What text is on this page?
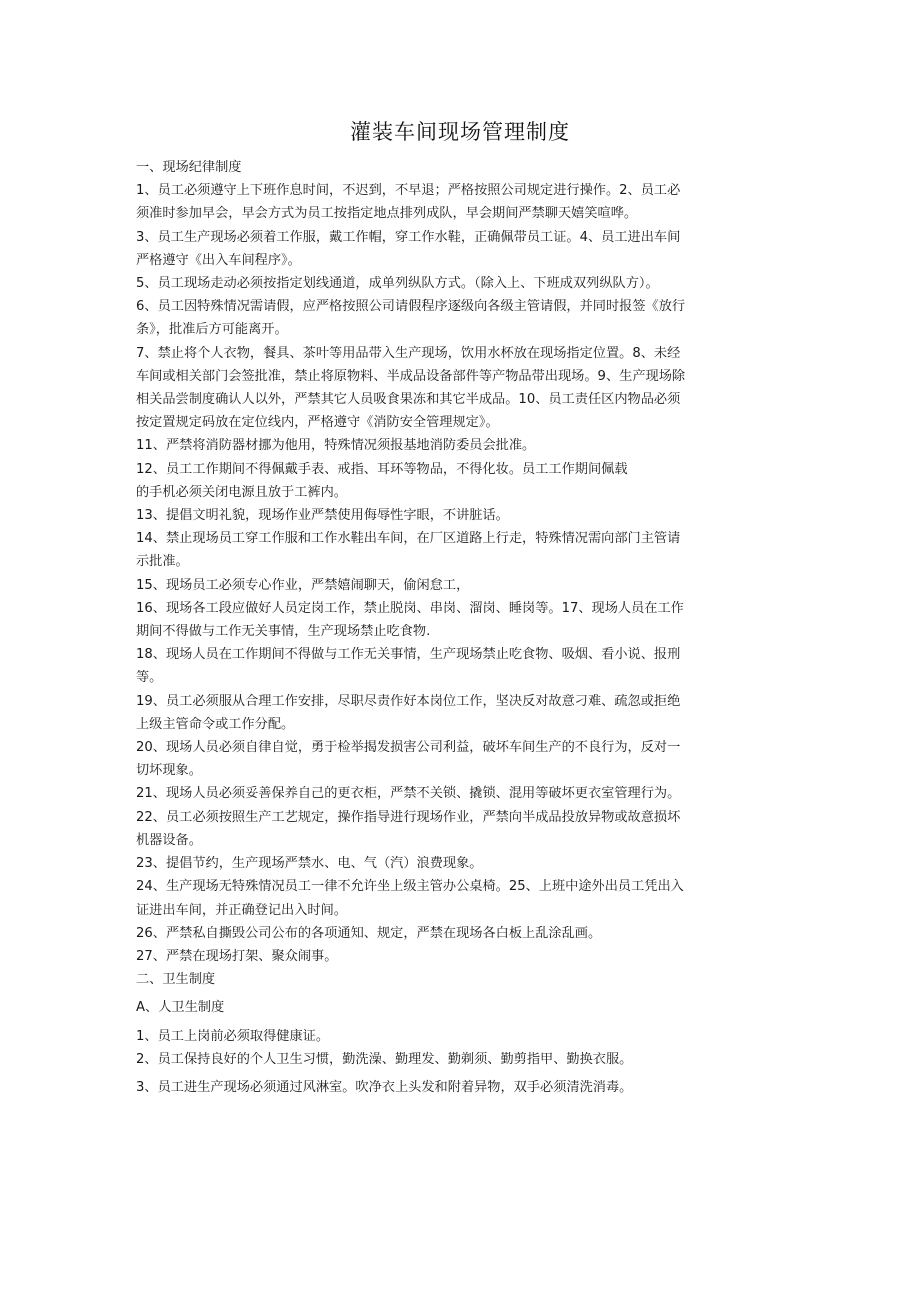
灌装车间现场管理制度
一、现场纪律制度
1、员工必须遵守上下班作息时间，不迟到，不早退；严格按照公司规定进行操作。2、员工必
须准时参加早会，早会方式为员工按指定地点排列成队，早会期间严禁聊天嬉笑喧哗。
3、员工生产现场必须着工作服，戴工作帽，穿工作水鞋，正确佩带员工证。4、员工进出车间
严格遵守《出入车间程序》。
5、员工现场走动必须按指定划线通道，成单列纵队方式。（除入上、下班成双列纵队方）。
6、员工因特殊情况需请假，应严格按照公司请假程序逐级向各级主管请假，并同时报签《放行
条》，批准后方可能离开。
7、禁止将个人衣物，餐具、茶叶等用品带入生产现场，饮用水杯放在现场指定位置。8、未经
车间或相关部门会签批准，禁止将原物料、半成品设备部件等产物品带出现场。9、生产现场除
相关品尝制度确认人以外，严禁其它人员吸食果冻和其它半成品。10、员工责任区内物品必须
按定置规定码放在定位线内，严格遵守《消防安全管理规定》。
11、严禁将消防器材挪为他用，特殊情况须报基地消防委员会批准。
12、员工工作期间不得佩戴手表、戒指、耳环等物品，不得化妆。员工工作期间佩载
的手机必须关闭电源且放于工裤内。
13、提倡文明礼貌，现场作业严禁使用侮辱性字眼，不讲脏话。
14、禁止现场员工穿工作服和工作水鞋出车间，在厂区道路上行走，特殊情况需向部门主管请
示批准。
15、现场员工必须专心作业，严禁嬉闹聊天，偷闲怠工，
16、现场各工段应做好人员定岗工作，禁止脱岗、串岗、溜岗、睡岗等。17、现场人员在工作
期间不得做与工作无关事情，生产现场禁止吃食物.
18、现场人员在工作期间不得做与工作无关事情，生产现场禁止吃食物、吸烟、看小说、报刑
等。
19、员工必须服从合理工作安排，尽职尽责作好本岗位工作，坚决反对故意刁难、疏忽或拒绝
上级主管命令或工作分配。
20、现场人员必须自律自觉，勇于检举揭发损害公司利益，破坏车间生产的不良行为，反对一
切坏现象。
21、现场人员必须妥善保养自己的更衣柜，严禁不关锁、撬锁、混用等破坏更衣室管理行为。
22、员工必须按照生产工艺规定，操作指导进行现场作业，严禁向半成品投放异物或故意损坏
机器设备。
23、提倡节约，生产现场严禁水、电、气（汽）浪费现象。
24、生产现场无特殊情况员工一律不允许坐上级主管办公桌椅。25、上班中途外出员工凭出入
证进出车间，并正确登记出入时间。
26、严禁私自撕毁公司公布的各项通知、规定，严禁在现场各白板上乱涂乱画。
27、严禁在现场打架、聚众闹事。
二、卫生制度
A、人卫生制度
1、员工上岗前必须取得健康证。
2、员工保持良好的个人卫生习惯，勤洗澡、勤理发、勤剃须、勤剪指甲、勤换衣服。
3、员工进生产现场必须通过风淋室。吹净衣上头发和附着异物，双手必须清洗消毒。
